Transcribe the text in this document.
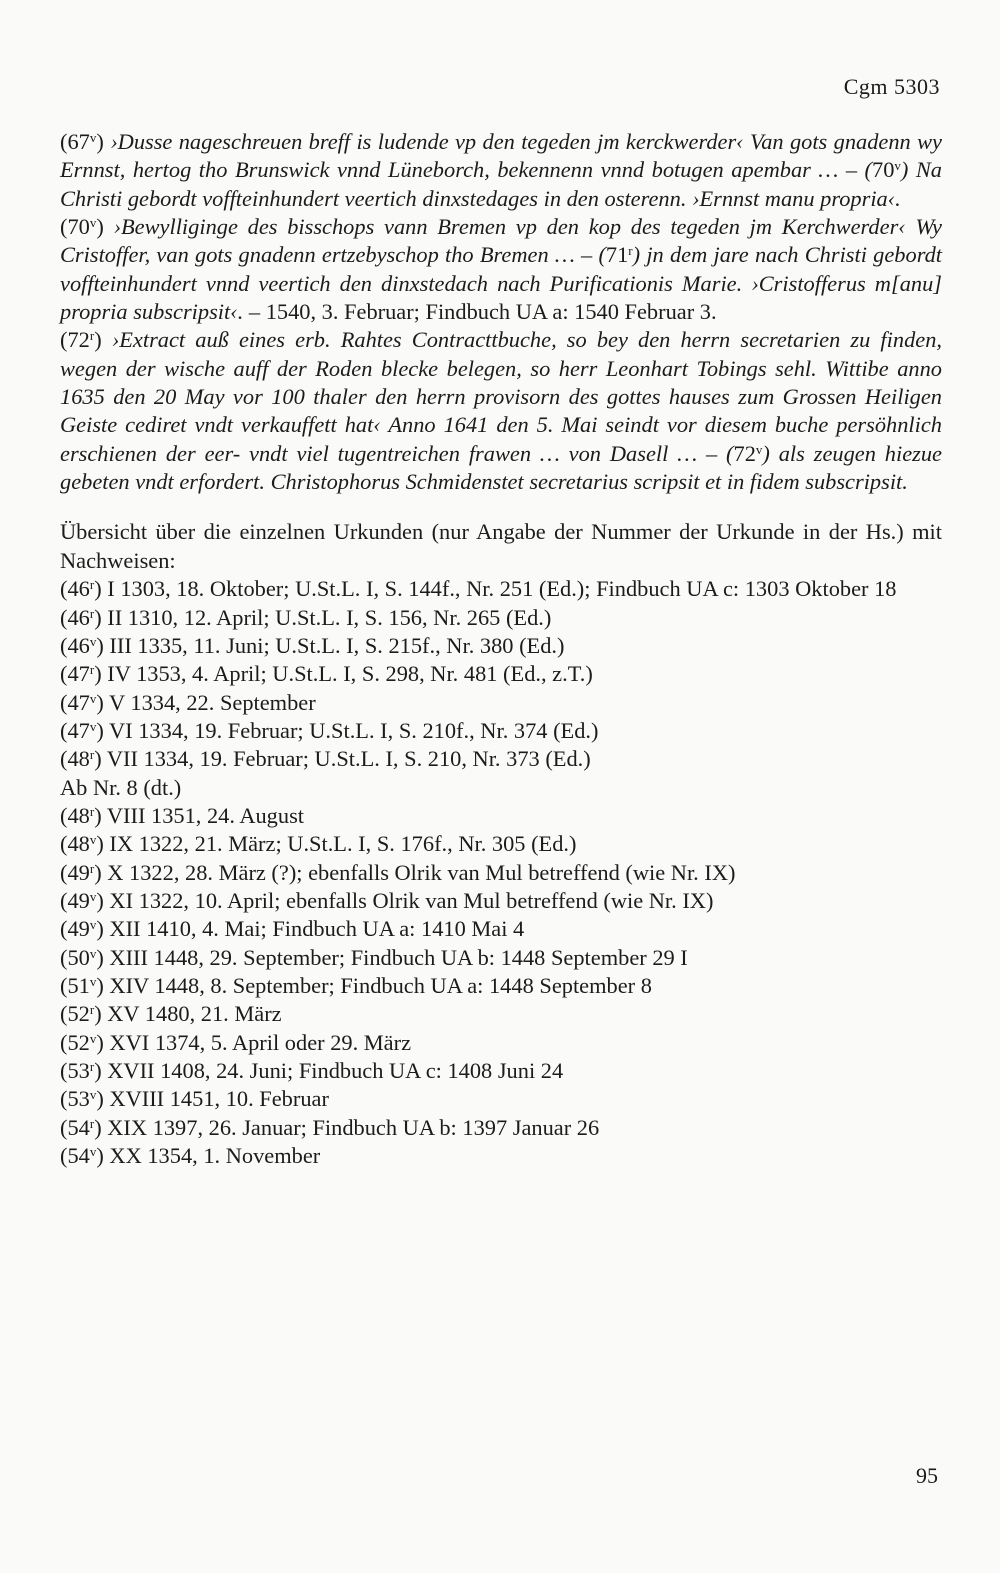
Cgm 5303

(67$^v$) ›Dusse nageschreuen breff is ludende vp den tegeden jm kerckwerder‹ Van gots gnadenn wy Ernnst, hertog tho Brunswick vnnd Lüneborch, bekennenn vnnd botugen apembar … – (70$^v$) Na Christi gebordt voffteinhundert veertich dinxstedages in den osterenn. ›Ernnst manu propria‹.

(70$^v$) ›Bewylliginge des bisschops vann Bremen vp den kop des tegeden jm Kerchwerder‹ Wy Cristoffer, van gots gnadenn ertzebyschop tho Bremen … – (71$^r$) jn dem jare nach Christi gebordt voffteinhundert vnnd veertich den dinxstedach nach Purificationis Marie. ›Cristofferus m[anu] propria subscripsit‹. – 1540, 3. Februar; Findbuch UA a: 1540 Februar 3.

(72$^r$) ›Extract auß eines erb. Rahtes Contracttbuche, so bey den herrn secretarien zu finden, wegen der wische auff der Roden blecke belegen, so herr Leonhart Tobings sehl. Wittibe anno 1635 den 20 May vor 100 thaler den herrn provisorn des gottes hauses zum Grossen Heiligen Geiste cediret vndt verkauffett hat‹ Anno 1641 den 5. Mai seindt vor diesem buche persöhnlich erschienen der eer- vndt viel tugentreichen frawen … von Dasell … – (72$^v$) als zeugen hiezue gebeten vndt erfordert. Christophorus Schmidenstet secretarius scripsit et in fidem subscripsit.

Übersicht über die einzelnen Urkunden (nur Angabe der Nummer der Urkunde in der Hs.) mit Nachweisen:

(46$^r$) I 1303, 18. Oktober; U.St.L. I, S. 144f., Nr. 251 (Ed.); Findbuch UA c: 1303 Oktober 18
(46$^r$) II 1310, 12. April; U.St.L. I, S. 156, Nr. 265 (Ed.)
(46$^v$) III 1335, 11. Juni; U.St.L. I, S. 215f., Nr. 380 (Ed.)
(47$^r$) IV 1353, 4. April; U.St.L. I, S. 298, Nr. 481 (Ed., z.T.)
(47$^v$) V 1334, 22. September
(47$^v$) VI 1334, 19. Februar; U.St.L. I, S. 210f., Nr. 374 (Ed.)
(48$^r$) VII 1334, 19. Februar; U.St.L. I, S. 210, Nr. 373 (Ed.)
Ab Nr. 8 (dt.)
(48$^r$) VIII 1351, 24. August
(48$^v$) IX 1322, 21. März; U.St.L. I, S. 176f., Nr. 305 (Ed.)
(49$^r$) X 1322, 28. März (?); ebenfalls Olrik van Mul betreffend (wie Nr. IX)
(49$^v$) XI 1322, 10. April; ebenfalls Olrik van Mul betreffend (wie Nr. IX)
(49$^v$) XII 1410, 4. Mai; Findbuch UA a: 1410 Mai 4
(50$^v$) XIII 1448, 29. September; Findbuch UA b: 1448 September 29 I
(51$^v$) XIV 1448, 8. September; Findbuch UA a: 1448 September 8
(52$^r$) XV 1480, 21. März
(52$^v$) XVI 1374, 5. April oder 29. März
(53$^r$) XVII 1408, 24. Juni; Findbuch UA c: 1408 Juni 24
(53$^v$) XVIII 1451, 10. Februar
(54$^r$) XIX 1397, 26. Januar; Findbuch UA b: 1397 Januar 26
(54$^v$) XX 1354, 1. November
95
